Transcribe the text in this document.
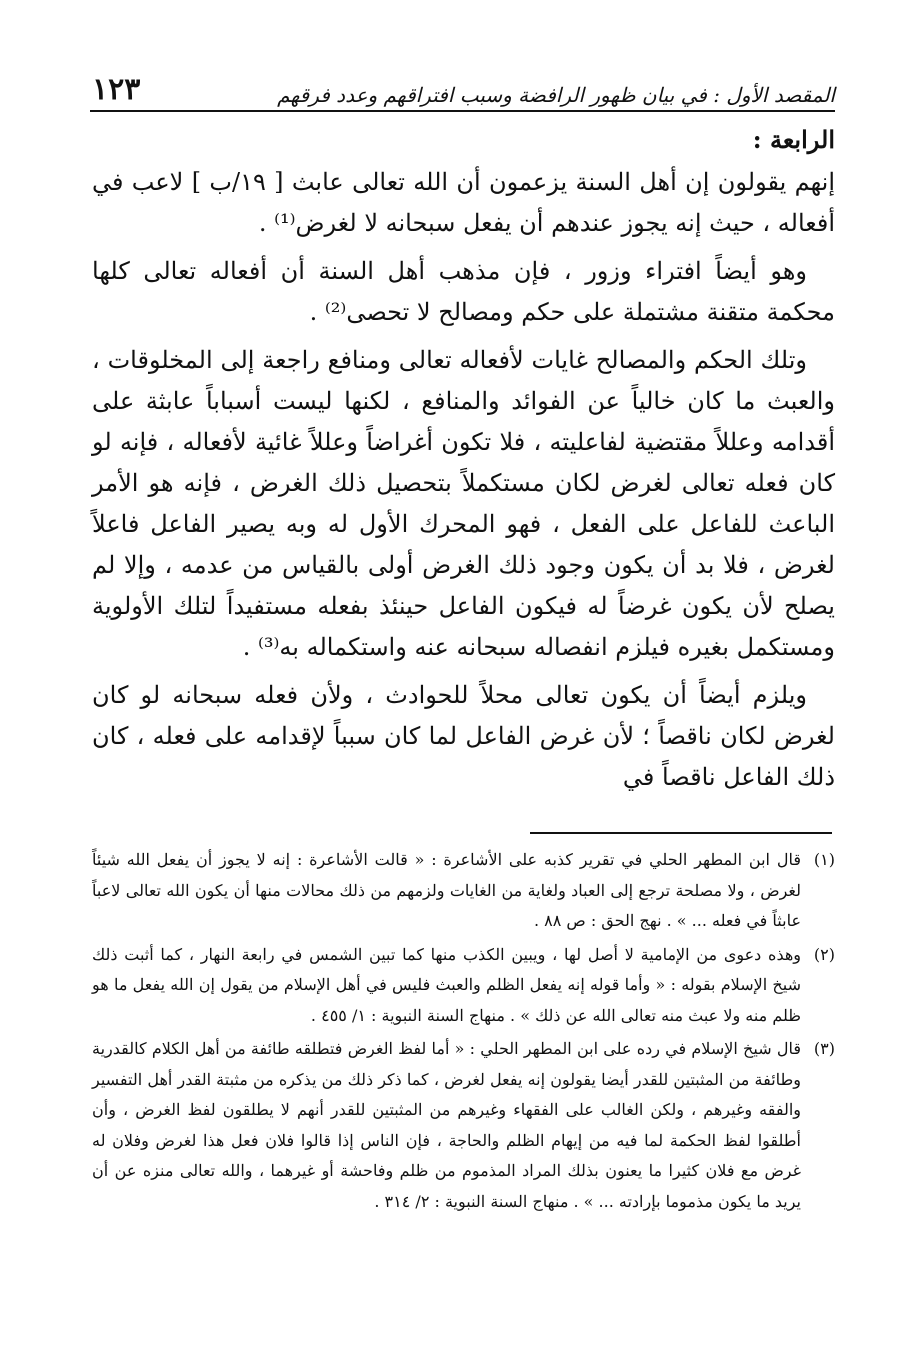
المقصد الأول : في بيان ظهور الرافضة وسبب افتراقهم وعدد فرقهم
١٢٣
الرابعة :

إنهم يقولون إن أهل السنة يزعمون أن الله تعالى عابث [ ١٩/ب ] لاعب في أفعاله ، حيث إنه يجوز عندهم أن يفعل سبحانه لا لغرض⁽¹⁾ .

وهو أيضاً افتراء وزور ، فإن مذهب أهل السنة أن أفعاله تعالى كلها محكمة متقنة مشتملة على حكم ومصالح لا تحصى⁽²⁾ .

وتلك الحكم والمصالح غايات لأفعاله تعالى ومنافع راجعة إلى المخلوقات ، والعبث ما كان خالياً عن الفوائد والمنافع ، لكنها ليست أسباباً عابثة على أقدامه وعللاً مقتضية لفاعليته ، فلا تكون أغراضاً وعللاً غائية لأفعاله ، فإنه لو كان فعله تعالى لغرض لكان مستكملاً بتحصيل ذلك الغرض ، فإنه هو الأمر الباعث للفاعل على الفعل ، فهو المحرك الأول له وبه يصير الفاعل فاعلاً لغرض ، فلا بد أن يكون وجود ذلك الغرض أولى بالقياس من عدمه ، وإلا لم يصلح لأن يكون غرضاً له فيكون الفاعل حينئذ بفعله مستفيداً لتلك الأولوية ومستكمل بغيره فيلزم انفصاله سبحانه عنه واستكماله به⁽³⁾ .

ويلزم أيضاً أن يكون تعالى محلاً للحوادث ، ولأن فعله سبحانه لو كان لغرض لكان ناقصاً ؛ لأن غرض الفاعل لما كان سبباً لإقدامه على فعله ، كان ذلك الفاعل ناقصاً في

(١)
قال ابن المطهر الحلي في تقرير كذبه على الأشاعرة : « قالت الأشاعرة : إنه لا يجوز أن يفعل الله شيئاً لغرض ، ولا مصلحة ترجع إلى العباد ولغاية من الغايات ولزمهم من ذلك محالات منها أن يكون الله تعالى لاعباً عابثاً في فعله ... » . نهج الحق : ص ٨٨ .
(٢)
وهذه دعوى من الإمامية لا أصل لها ، ويبين الكذب منها كما تبين الشمس في رابعة النهار ، كما أثبت ذلك شيخ الإسلام بقوله : « وأما قوله إنه يفعل الظلم والعبث فليس في أهل الإسلام من يقول إن الله يفعل ما هو ظلم منه ولا عبث منه تعالى الله عن ذلك » . منهاج السنة النبوية : ١/ ٤٥٥ .
(٣)
قال شيخ الإسلام في رده على ابن المطهر الحلي : « أما لفظ الغرض فتطلقه طائفة من أهل الكلام كالقدرية وطائفة من المثبتين للقدر أيضا يقولون إنه يفعل لغرض ، كما ذكر ذلك من يذكره من مثبتة القدر أهل التفسير والفقه وغيرهم ، ولكن الغالب على الفقهاء وغيرهم من المثبتين للقدر أنهم لا يطلقون لفظ الغرض ، وأن أطلقوا لفظ الحكمة لما فيه من إيهام الظلم والحاجة ، فإن الناس إذا قالوا فلان فعل هذا لغرض وفلان له غرض مع فلان كثيرا ما يعنون بذلك المراد المذموم من ظلم وفاحشة أو غيرهما ، والله تعالى منزه عن أن يريد ما يكون مذموما بإرادته ... » . منهاج السنة النبوية : ٢/ ٣١٤ .
